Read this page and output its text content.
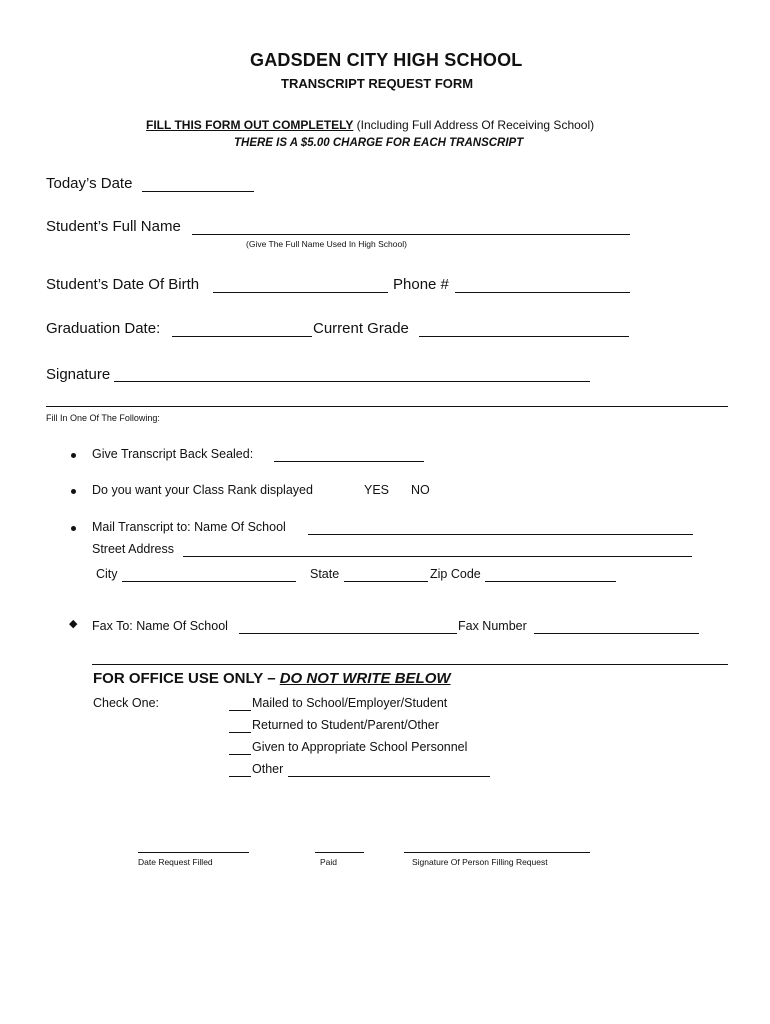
GADSDEN CITY HIGH SCHOOL
TRANSCRIPT REQUEST FORM
FILL THIS FORM OUT COMPLETELY (Including Full Address Of Receiving School)
THERE IS A $5.00 CHARGE FOR EACH TRANSCRIPT
Today’s Date
Student’s Full Name
(Give The Full Name Used In High School)
Student’s Date Of Birth	Phone #
Graduation Date:	Current Grade
Signature
Fill In One Of The Following:
Give Transcript Back Sealed:
Do you want your Class Rank displayed	YES NO
Mail Transcript to: Name Of School
Street Address
City	State	Zip Code
◆ Fax To: Name Of School	Fax Number
FOR OFFICE USE ONLY – DO NOT WRITE BELOW
Check One:	Mailed to School/Employer/Student
Returned to Student/Parent/Other
Given to Appropriate School Personnel
Other
Date Request Filled	Paid	Signature Of Person Filling Request
